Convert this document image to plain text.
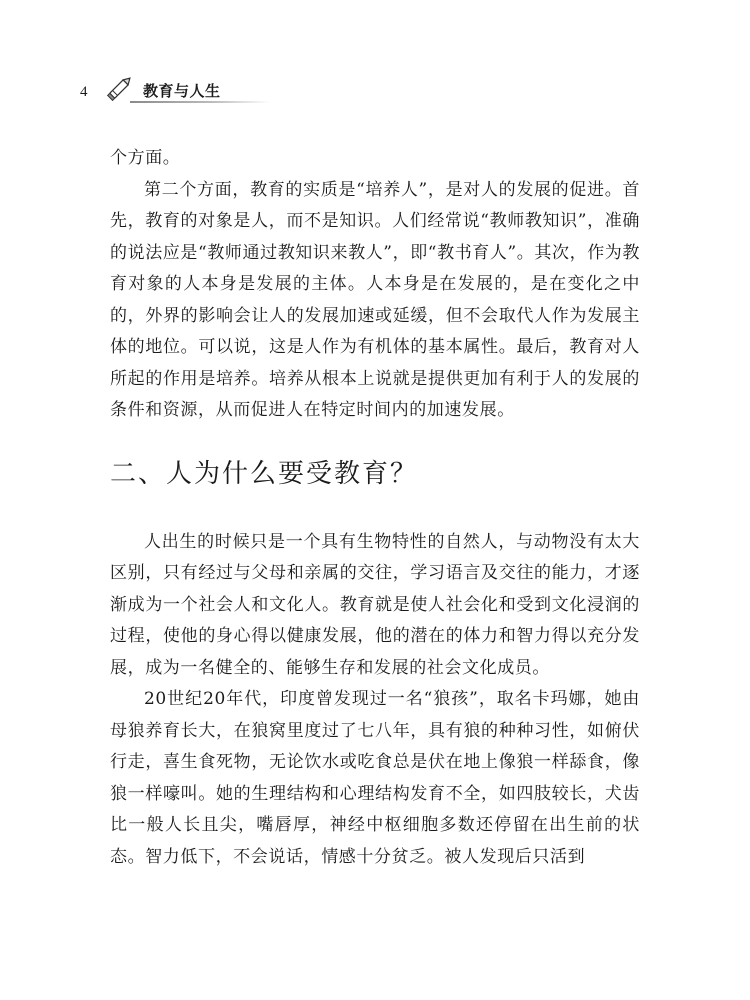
4	教育与人生

个方面。

第二个方面，教育的实质是“培养人”，是对人的发展的促进。首先，教育的对象是人，而不是知识。人们经常说“教师教知识”，准确的说法应是“教师通过教知识来教人”，即“教书育人”。其次，作为教育对象的人本身是发展的主体。人本身是在发展的，是在变化之中的，外界的影响会让人的发展加速或延缓，但不会取代人作为发展主体的地位。可以说，这是人作为有机体的基本属性。最后，教育对人所起的作用是培养。培养从根本上说就是提供更加有利于人的发展的条件和资源，从而促进人在特定时间内的加速发展。

二、人为什么要受教育？

人出生的时候只是一个具有生物特性的自然人，与动物没有太大区别，只有经过与父母和亲属的交往，学习语言及交往的能力，才逐渐成为一个社会人和文化人。教育就是使人社会化和受到文化浸润的过程，使他的身心得以健康发展，他的潜在的体力和智力得以充分发展，成为一名健全的、能够生存和发展的社会文化成员。

20世纪20年代，印度曾发现过一名“狼孩”，取名卡玛娜，她由母狼养育长大，在狼窝里度过了七八年，具有狼的种种习性，如俯伏行走，喜生食死物，无论饮水或吃食总是伏在地上像狼一样舔食，像狼一样嚎叫。她的生理结构和心理结构发育不全，如四肢较长，犬齿比一般人长且尖，嘴唇厚，神经中枢细胞多数还停留在出生前的状态。智力低下，不会说话，情感十分贫乏。被人发现后只活到
